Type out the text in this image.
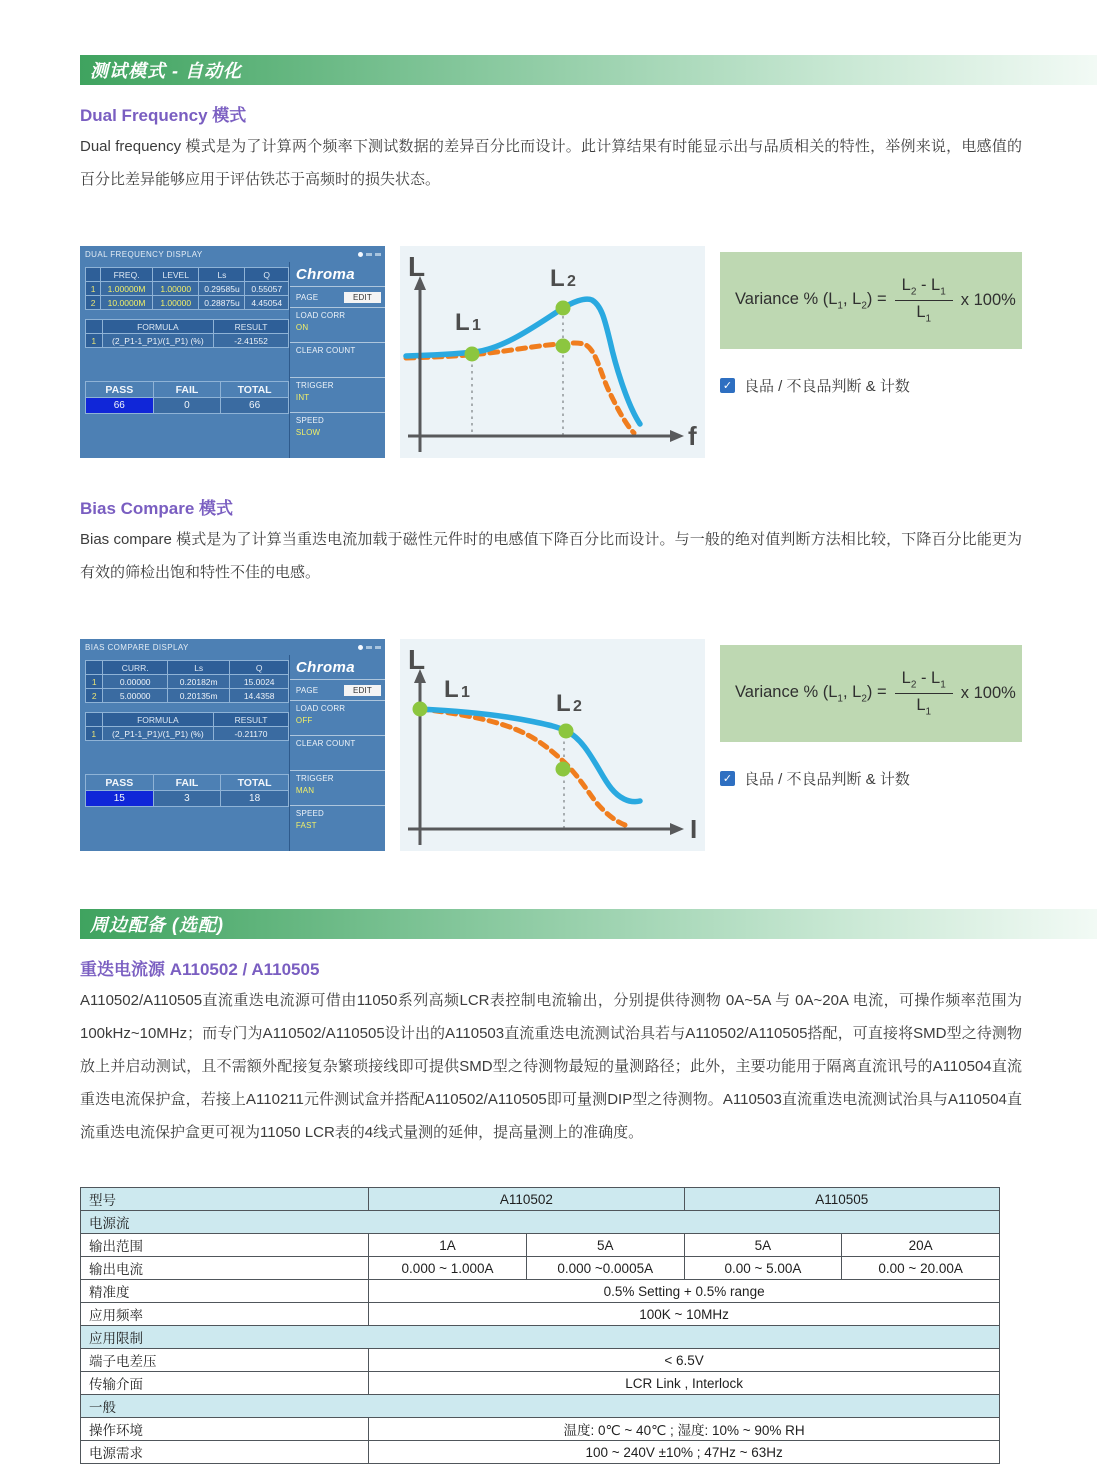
测试模式 - 自动化
Dual Frequency 模式

Dual frequency 模式是为了计算两个频率下测试数据的差异百分比而设计。此计算结果有时能显示出与品质相关的特性，举例来说，电感值的百分比差异能够应用于评估铁芯于高频时的损失状态。

DUAL FREQUENCY DISPLAY
	FREQ.	LEVEL	Ls	Q
1	1.00000M	1.00000	0.29585u	0.55057
2	10.0000M	1.00000	0.28875u	4.45054
	FORMULA	RESULT
1	(2_P1-1_P1)/(1_P1) (%)	-2.41552
PASS	FAIL	TOTAL
66	0	66
Chroma
PAGE	EDIT
LOAD CORR
ON
CLEAR COUNT
TRIGGER
INT
SPEED
SLOW
L
f
L 1
L 2
Variance % ($L_1$, $L_2) = \frac{L_2 - L_1}{L_1}$ x 100%
✓ 良品 / 不良品判断 & 计数
Bias Compare 模式

Bias compare 模式是为了计算当重迭电流加载于磁性元件时的电感值下降百分比而设计。与一般的绝对值判断方法相比较，下降百分比能更为有效的筛检出饱和特性不佳的电感。

BIAS COMPARE DISPLAY
	CURR.	Ls	Q
1	0.00000	0.20182m	15.0024
2	5.00000	0.20135m	14.4358
	FORMULA	RESULT
1	(2_P1-1_P1)/(1_P1) (%)	-0.21170
PASS	FAIL	TOTAL
15	3	18
Chroma
PAGE	EDIT
LOAD CORR
OFF
CLEAR COUNT
TRIGGER
MAN
SPEED
FAST
L
I
L 1	L 2
Variance % ($L_1$, $L_2) = \frac{L_2 - L_1}{L_1}$ x 100%
✓ 良品 / 不良品判断 & 计数
周边配备 (选配)
重迭电流源 A110502 / A110505

A110502/A110505直流重迭电流源可借由11050系列高频LCR表控制电流输出，分别提供待测物 0A~5A 与 0A~20A 电流，可操作频率范围为100kHz~10MHz；而专门为A110502/A110505设计出的A110503直流重迭电流测试治具若与A110502/A110505搭配，可直接将SMD型之待测物放上并启动测试，且不需额外配接复杂繁琐接线即可提供SMD型之待测物最短的量测路径；此外，主要功能用于隔离直流讯号的A110504直流重迭电流保护盒，若接上A110211元件测试盒并搭配A110502/A110505即可量测DIP型之待测物。A110503直流重迭电流测试治具与A110504直流重迭电流保护盒更可视为11050 LCR表的4线式量测的延伸，提高量测上的准确度。

型号	A110502		A110505	
电源流				
输出范围	1A	5A	5A	20A
输出电流	0.000 ~ 1.000A	0.000 ~0.0005A	0.00 ~ 5.00A	0.00 ~ 20.00A
精准度	0.5% Setting + 0.5% range			
应用频率	100K ~ 10MHz			
应用限制				
端子电差压	< 6.5V			
传输介面	LCR Link , Interlock			
一般				
操作环境	温度: 0℃ ~ 40℃ ; 湿度: 10% ~ 90% RH			
电源需求	100 ~ 240V ±10% ; 47Hz ~ 63Hz			
